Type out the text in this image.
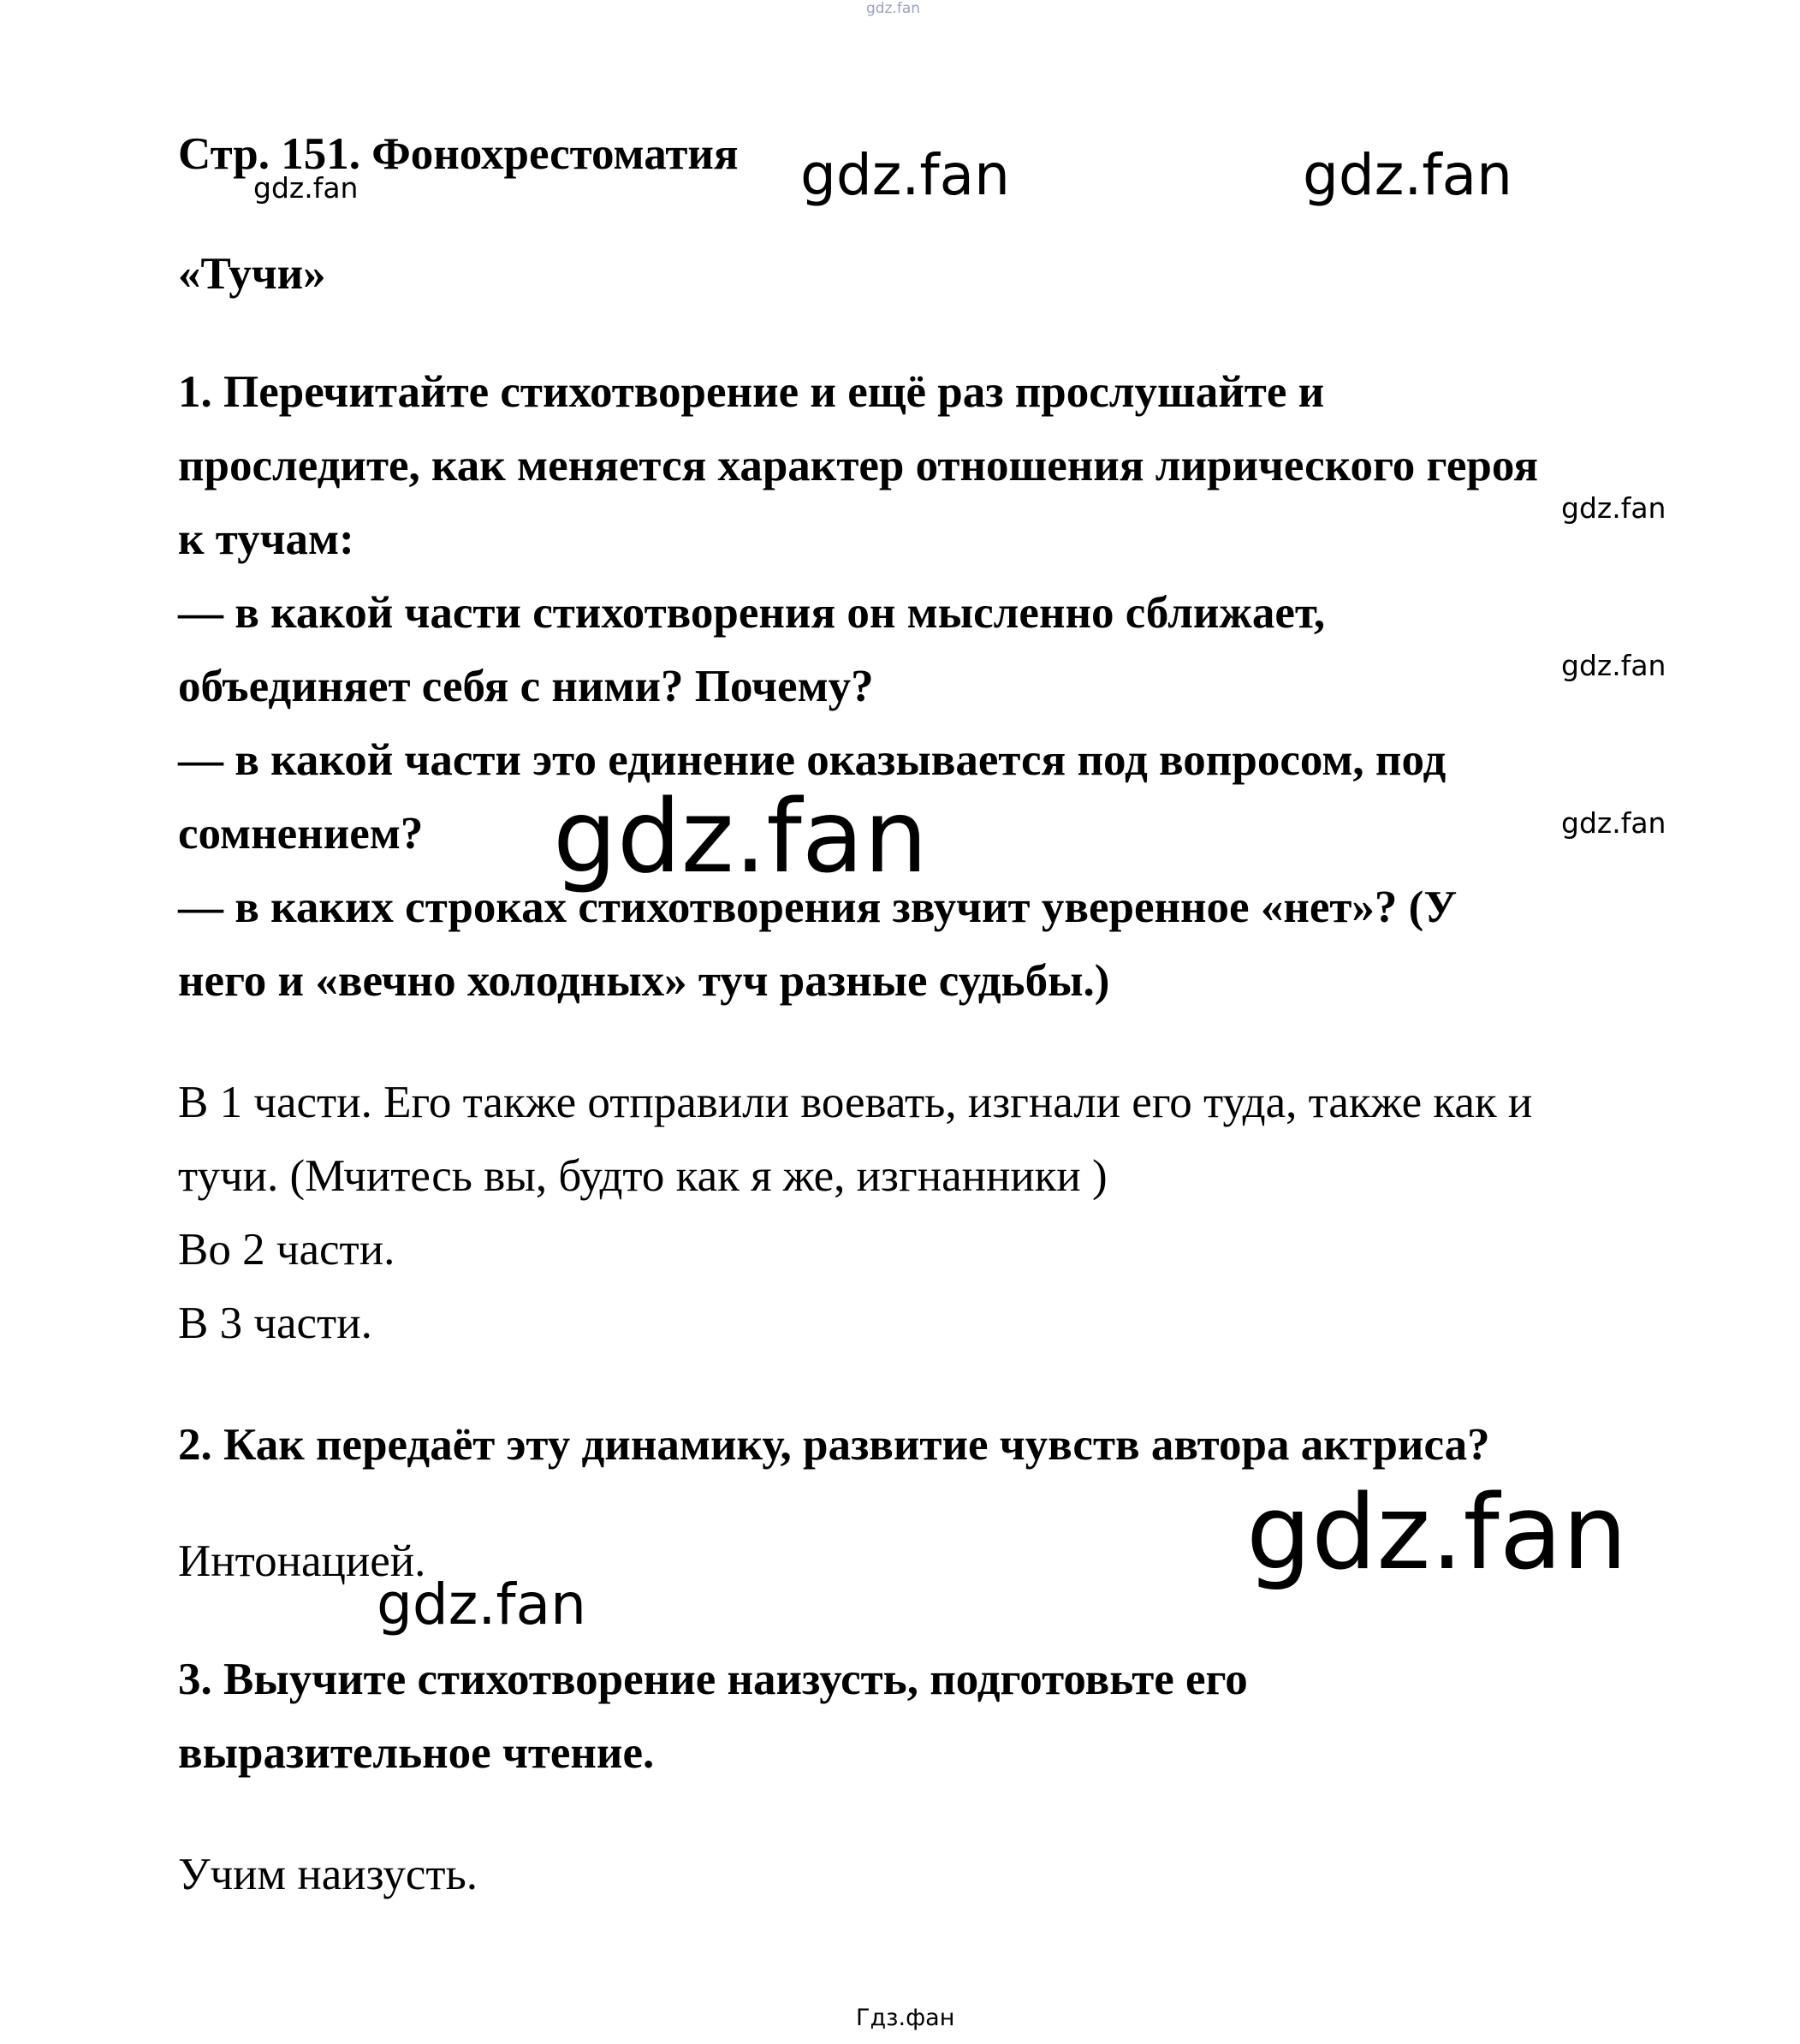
gdz.fan
Стр. 151. Фонохрестоматия
«Тучи»
1. Перечитайте стихотворение и ещё раз прослушайте и
проследите, как меняется характер отношения лирического героя
к тучам:
— в какой части стихотворения он мысленно сближает,
объединяет себя с ними? Почему?
— в какой части это единение оказывается под вопросом, под
сомнением?
— в каких строках стихотворения звучит уверенное «нет»? (У
него и «вечно холодных» туч разные судьбы.)
В 1 части. Его также отправили воевать, изгнали его туда, также как и
тучи. (Мчитесь вы, будто как я же, изгнанники )
Во 2 части.
В 3 части.
2. Как передаёт эту динамику, развитие чувств автора актриса?
Интонацией.
3. Выучите стихотворение наизусть, подготовьте его
выразительное чтение.
Учим наизусть.
gdz.fan	gdz.fan	gdz.fan
gdz.fan
gdz.fan
gdz.fan
gdz.fan
gdz.fan
gdz.fan
Гдз.фан
